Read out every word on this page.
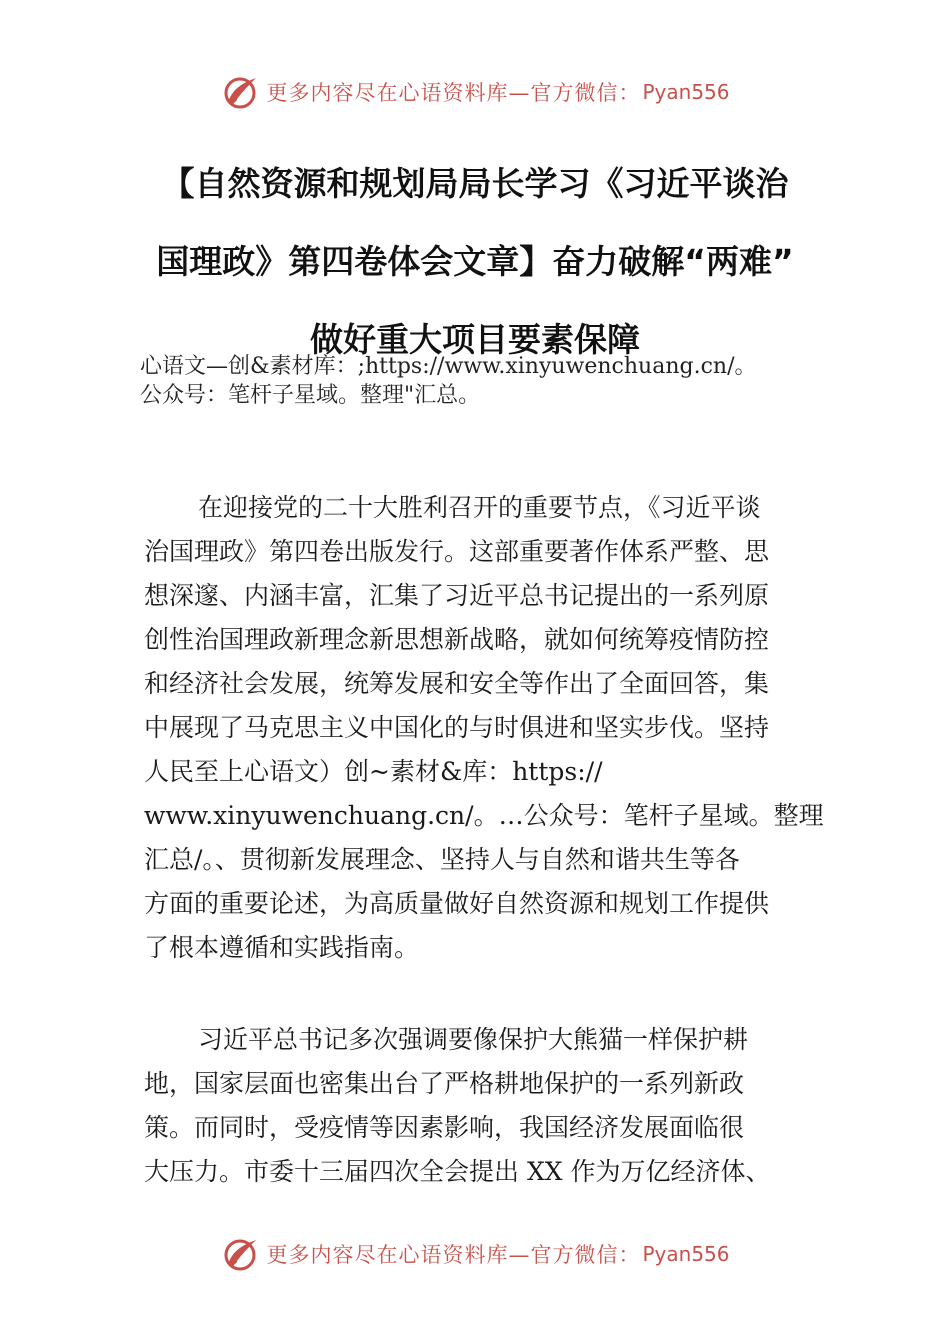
更多内容尽在心语资料库—官方微信： Pyan556
【自然资源和规划局局长学习《习近平谈治
国理政》第四卷体会文章】奋力破解“两难”
做好重大项目要素保障
心语文—创&素材库：;https://www.xinyuwenchuang.cn/。
公众号：笔杆子星域。整理"汇总。
在迎接党的二十大胜利召开的重要节点，《习近平谈
治国理政》第四卷出版发行。这部重要著作体系严整、思
想深邃、内涵丰富，汇集了习近平总书记提出的一系列原
创性治国理政新理念新思想新战略，就如何统筹疫情防控
和经济社会发展，统筹发展和安全等作出了全面回答，集
中展现了马克思主义中国化的与时俱进和坚实步伐。坚持
人民至上心语文）创~素材&库：https://
www.xinyuwenchuang.cn/。…公众号：笔杆子星域。整理
汇总/。、贯彻新发展理念、坚持人与自然和谐共生等各
方面的重要论述，为高质量做好自然资源和规划工作提供
了根本遵循和实践指南。
习近平总书记多次强调要像保护大熊猫一样保护耕
地，国家层面也密集出台了严格耕地保护的一系列新政
策。而同时，受疫情等因素影响，我国经济发展面临很
大压力。市委十三届四次全会提出 XX 作为万亿经济体、
更多内容尽在心语资料库—官方微信： Pyan556
